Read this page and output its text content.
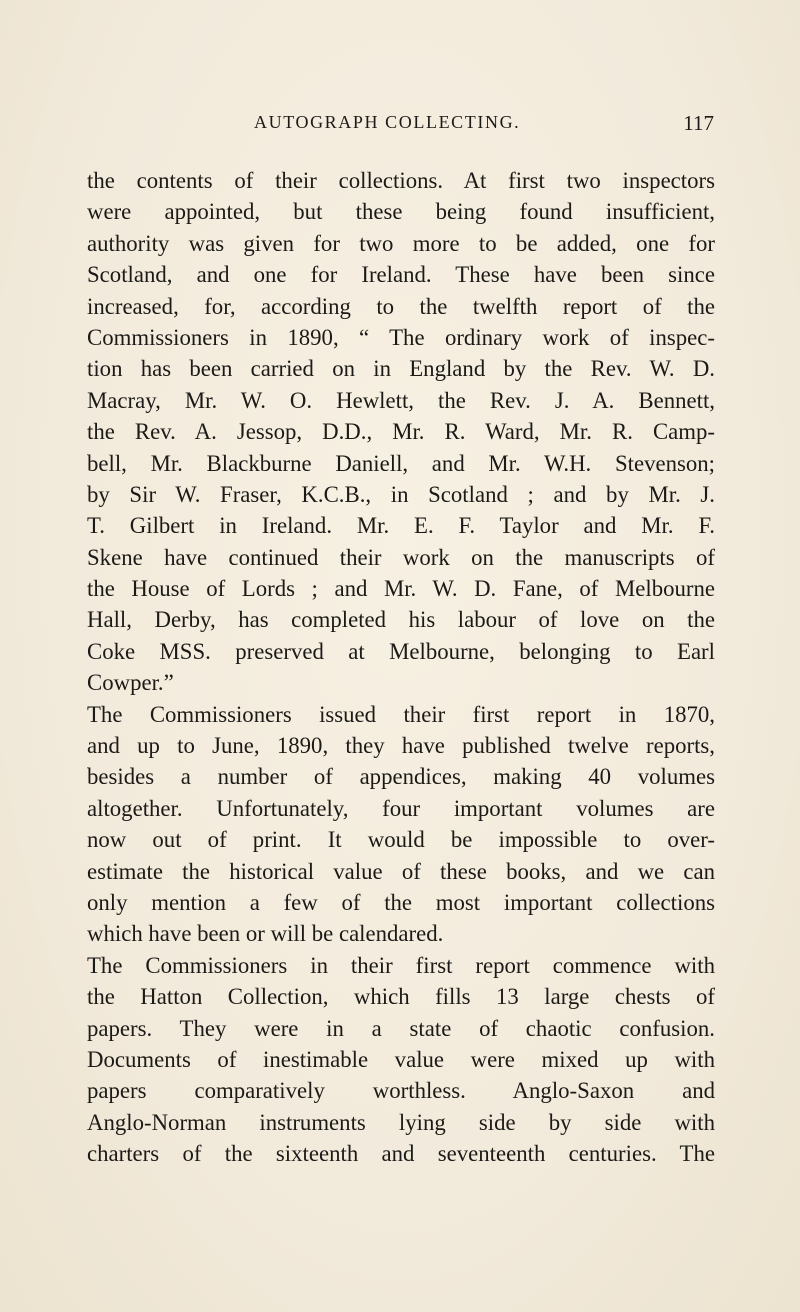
AUTOGRAPH COLLECTING.	117
the contents of their collections. At first two inspectors
were appointed, but these being found insufficient,
authority was given for two more to be added, one for
Scotland, and one for Ireland. These have been since
increased, for, according to the twelfth report of the
Commissioners in 1890, “ The ordinary work of inspec-
tion has been carried on in England by the Rev. W. D.
Macray, Mr. W. O. Hewlett, the Rev. J. A. Bennett,
the Rev. A. Jessop, D.D., Mr. R. Ward, Mr. R. Camp-
bell, Mr. Blackburne Daniell, and Mr. W.H. Stevenson;
by Sir W. Fraser, K.C.B., in Scotland ; and by Mr. J.
T. Gilbert in Ireland. Mr. E. F. Taylor and Mr. F.
Skene have continued their work on the manuscripts of
the House of Lords ; and Mr. W. D. Fane, of Melbourne
Hall, Derby, has completed his labour of love on the
Coke MSS. preserved at Melbourne, belonging to Earl
Cowper.”
The Commissioners issued their first report in 1870,
and up to June, 1890, they have published twelve reports,
besides a number of appendices, making 40 volumes
altogether. Unfortunately, four important volumes are
now out of print. It would be impossible to over-
estimate the historical value of these books, and we can
only mention a few of the most important collections
which have been or will be calendared.
The Commissioners in their first report commence with
the Hatton Collection, which fills 13 large chests of
papers. They were in a state of chaotic confusion.
Documents of inestimable value were mixed up with
papers comparatively worthless. Anglo-Saxon and
Anglo-Norman instruments lying side by side with
charters of the sixteenth and seventeenth centuries. The
